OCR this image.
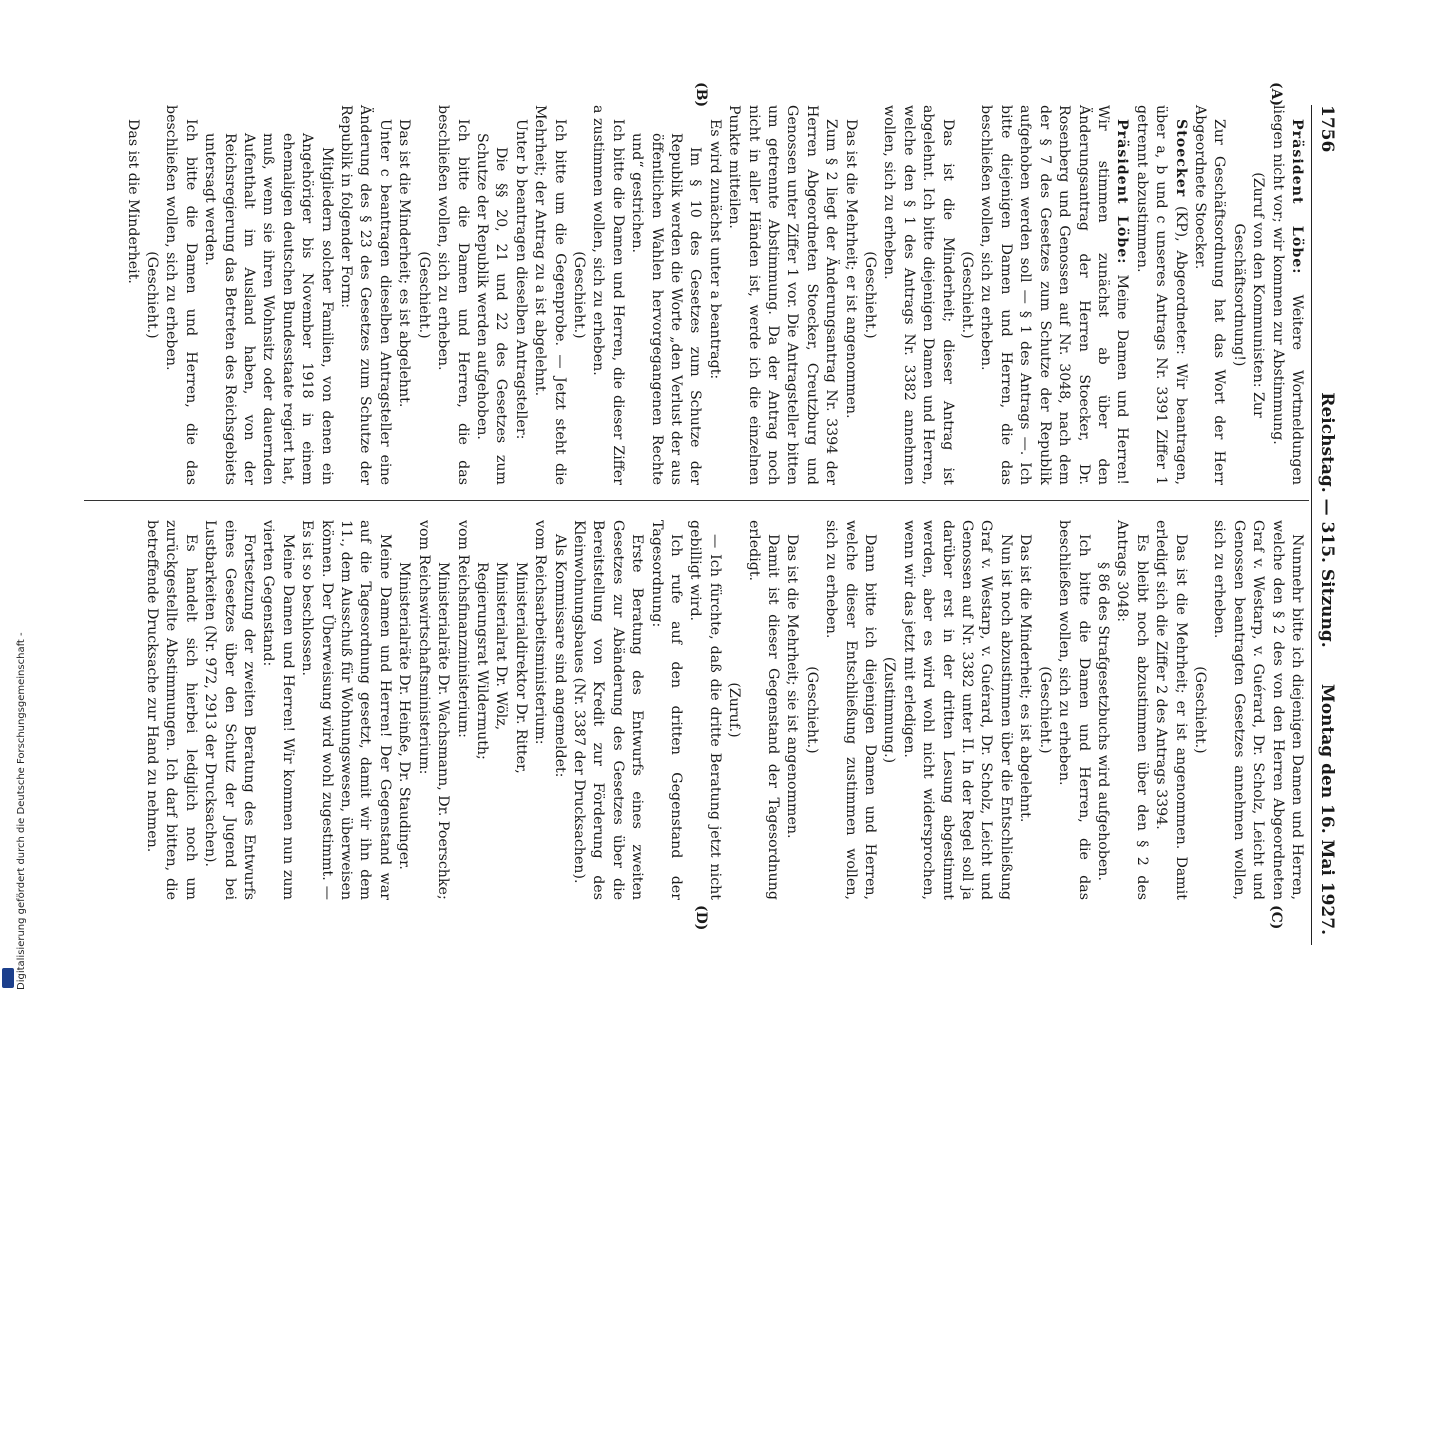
1756
Reichstag. — 315. Sitzung.
Montag den 16. Mai 1927.
(A)
(B)
(C)
(D)

Präsident Löbe: Weitere Wortmeldungen liegen nicht vor; wir kommen zur Abstimmung.

(Zuruf von den Kommunisten: Zur Geschäftsordnung!)

Zur Geschäftsordnung hat das Wort der Herr Abgeordnete Stoecker.

Stoecker (KP), Abgeordneter: Wir beantragen, über a, b und c unseres Antrags Nr. 3391 Ziffer 1 getrennt abzustimmen.

Präsident Löbe: Meine Damen und Herren! Wir stimmen zunächst ab über den Änderungsantrag der Herren Stoecker, Dr. Rosenberg und Genossen auf Nr. 3048, nach dem der § 7 des Gesetzes zum Schutze der Republik aufgehoben werden soll — § 1 des Antrags —. Ich bitte diejenigen Damen und Herren, die das beschließen wollen, sich zu erheben.

(Geschieht.)

Das ist die Minderheit; dieser Antrag ist abgelehnt. Ich bitte diejenigen Damen und Herren, welche den § 1 des Antrags Nr. 3382 annehmen wollen, sich zu erheben.

(Geschieht.)

Das ist die Mehrheit; er ist angenommen.

Zum § 2 liegt der Änderungsantrag Nr. 3394 der Herren Abgeordneten Stoecker, Creutzburg und Genossen unter Ziffer 1 vor. Die Antragsteller bitten um getrennte Abstimmung. Da der Antrag noch nicht in aller Händen ist, werde ich die einzelnen Punkte mitteilen.

Es wird zunächst unter a beantragt:

Im § 10 des Gesetzes zum Schutze der Republik werden die Worte „den Verlust der aus öffentlichen Wahlen hervorgegangenen Rechte und“ gestrichen.

Ich bitte die Damen und Herren, die dieser Ziffer a zustimmen wollen, sich zu erheben.

(Geschieht.)

Ich bitte um die Gegenprobe. — Jetzt steht die Mehrheit; der Antrag zu a ist abgelehnt.

Unter b beantragen dieselben Antragsteller:

Die §§ 20, 21 und 22 des Gesetzes zum Schutze der Republik werden aufgehoben.

Ich bitte die Damen und Herren, die das beschließen wollen, sich zu erheben.

(Geschieht.)

Das ist die Minderheit; es ist abgelehnt.

Unter c beantragen dieselben Antragsteller eine Änderung des § 23 des Gesetzes zum Schutze der Republik in folgender Form:

Mitgliedern solcher Familien, von denen ein Angehöriger bis November 1918 in einem ehemaligen deutschen Bundesstaate regiert hat, muß, wenn sie ihren Wohnsitz oder dauernden Aufenthalt im Ausland haben, von der Reichsregierung das Betreten des Reichsgebiets untersagt werden.

Ich bitte die Damen und Herren, die das beschließen wollen, sich zu erheben.

(Geschieht.)

Das ist die Minderheit.

Nunmehr bitte ich diejenigen Damen und Herren, welche den § 2 des von den Herren Abgeordneten Graf v. Westarp, v. Guérard, Dr. Scholz, Leicht und Genossen beantragten Gesetzes annehmen wollen, sich zu erheben.

(Geschieht.)

Das ist die Mehrheit; er ist angenommen. Damit erledigt sich die Ziffer 2 des Antrags 3394.

Es bleibt noch abzustimmen über den § 2 des Antrags 3048:

§ 86 des Strafgesetzbuchs wird aufgehoben.

Ich bitte die Damen und Herren, die das beschließen wollen, sich zu erheben.

(Geschieht.)

Das ist die Minderheit; es ist abgelehnt.

Nun ist noch abzustimmen über die Entschließung Graf v. Westarp, v. Guérard, Dr. Scholz, Leicht und Genossen auf Nr. 3382 unter II. In der Regel soll ja darüber erst in der dritten Lesung abgestimmt werden, aber es wird wohl nicht widersprochen, wenn wir das jetzt mit erledigen.

(Zustimmung.)

Dann bitte ich diejenigen Damen und Herren, welche dieser Entschließung zustimmen wollen, sich zu erheben.

(Geschieht.)

Das ist die Mehrheit; sie ist angenommen.

Damit ist dieser Gegenstand der Tagesordnung erledigt.

(Zuruf.)

— Ich fürchte, daß die dritte Beratung jetzt nicht gebilligt wird.

Ich rufe auf den dritten Gegenstand der Tagesordnung:

Erste Beratung des Entwurfs eines zweiten Gesetzes zur Abänderung des Gesetzes über die Bereitstellung von Kredit zur Förderung des Kleinwohnungsbaues (Nr. 3387 der Drucksachen).

Als Kommissare sind angemeldet:

vom Reichsarbeitsministerium:

Ministerialdirektor Dr. Ritter,

Ministerialrat Dr. Wölz,

Regierungsrat Wildermuth;

vom Reichsfinanzministerium:

Ministerialräte Dr. Wachsmann, Dr. Poerschke;

vom Reichswirtschaftsministerium:

Ministerialräte Dr. Heinße, Dr. Staudinger.

Meine Damen und Herren! Der Gegenstand war auf die Tagesordnung gesetzt, damit wir ihn dem 11., dem Ausschuß für Wohnungswesen, überweisen können. Der Überweisung wird wohl zugestimmt. — Es ist so beschlossen.

Meine Damen und Herren! Wir kommen nun zum vierten Gegenstand:

Fortsetzung der zweiten Beratung des Entwurfs eines Gesetzes über den Schutz der Jugend bei Lustbarkeiten (Nr. 972, 2913 der Drucksachen).

Es handelt sich hierbei lediglich noch um zurückgestellte Abstimmungen. Ich darf bitten, die betreffende Drucksache zur Hand zu nehmen.

Digitalisierung gefördert durch die Deutsche Forschungsgemeinschaft -
